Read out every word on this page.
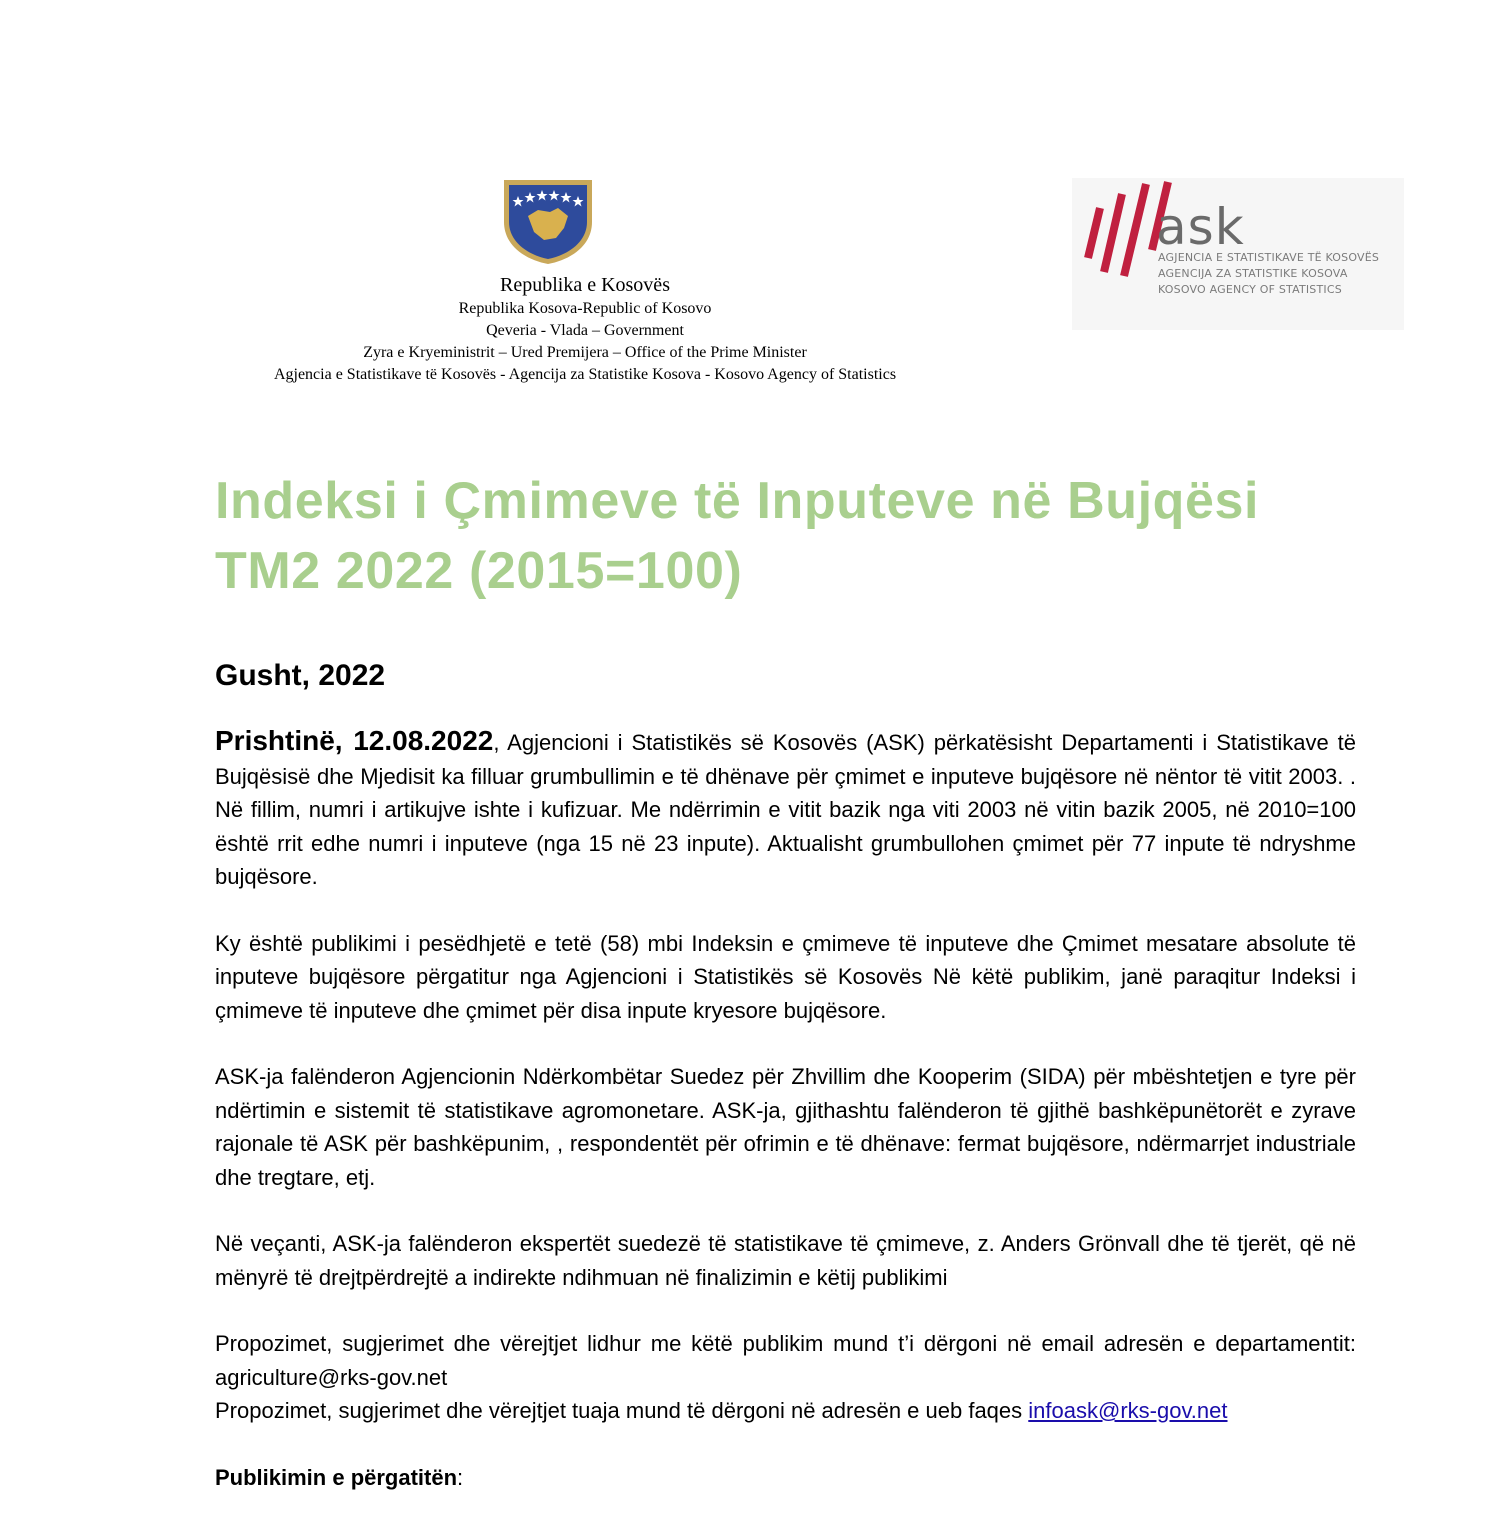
Republika e Kosovës

Republika Kosova-Republic of Kosovo

Qeveria - Vlada – Government

Zyra e Kryeministrit – Ured Premijera – Office of the Prime Minister

Agjencia e Statistikave të Kosovës - Agencija za Statistike Kosova - Kosovo Agency of Statistics

ask
AGJENCIA E STATISTIKAVE TË KOSOVËS
AGENCIJA ZA STATISTIKE KOSOVA
KOSOVO AGENCY OF STATISTICS
Indeksi i Çmimeve të Inputeve në Bujqësi
TM2 2022 (2015=100)
Gusht, 2022

Prishtinë, 12.08.2022, Agjencioni i Statistikës së Kosovës (ASK) përkatësisht Departamenti i Statistikave të Bujqësisë dhe Mjedisit ka filluar grumbullimin e të dhënave për çmimet e inputeve bujqësore në nëntor të vitit 2003. . Në fillim, numri i artikujve ishte i kufizuar. Me ndërrimin e vitit bazik nga viti 2003 në vitin bazik 2005, në 2010=100 është rrit edhe numri i inputeve (nga 15 në 23 inpute). Aktualisht grumbullohen çmimet për 77 inpute të ndryshme bujqësore.

Ky është publikimi i pesëdhjetë e tetë (58) mbi Indeksin e çmimeve të inputeve dhe Çmimet mesatare absolute të inputeve bujqësore përgatitur nga Agjencioni i Statistikës së Kosovës Në këtë publikim, janë paraqitur Indeksi i çmimeve të inputeve dhe çmimet për disa inpute kryesore bujqësore.

ASK-ja falënderon Agjencionin Ndërkombëtar Suedez për Zhvillim dhe Kooperim (SIDA) për mbështetjen e tyre për ndërtimin e sistemit të statistikave agromonetare. ASK-ja, gjithashtu falënderon të gjithë bashkëpunëtorët e zyrave rajonale të ASK për bashkëpunim, , respondentët për ofrimin e të dhënave: fermat bujqësore, ndërmarrjet industriale dhe tregtare, etj.

Në veçanti, ASK-ja falënderon ekspertët suedezë të statistikave të çmimeve, z. Anders Grönvall dhe të tjerët, që në mënyrë të drejtpërdrejtë a indirekte ndihmuan në finalizimin e këtij publikimi

Propozimet, sugjerimet dhe vërejtjet lidhur me këtë publikim mund t’i dërgoni në email adresën e departamentit: agriculture@rks-gov.net

Propozimet, sugjerimet dhe vërejtjet tuaja mund të dërgoni në adresën e ueb faqes infoask@rks-gov.net

Publikimin e përgatitën:
